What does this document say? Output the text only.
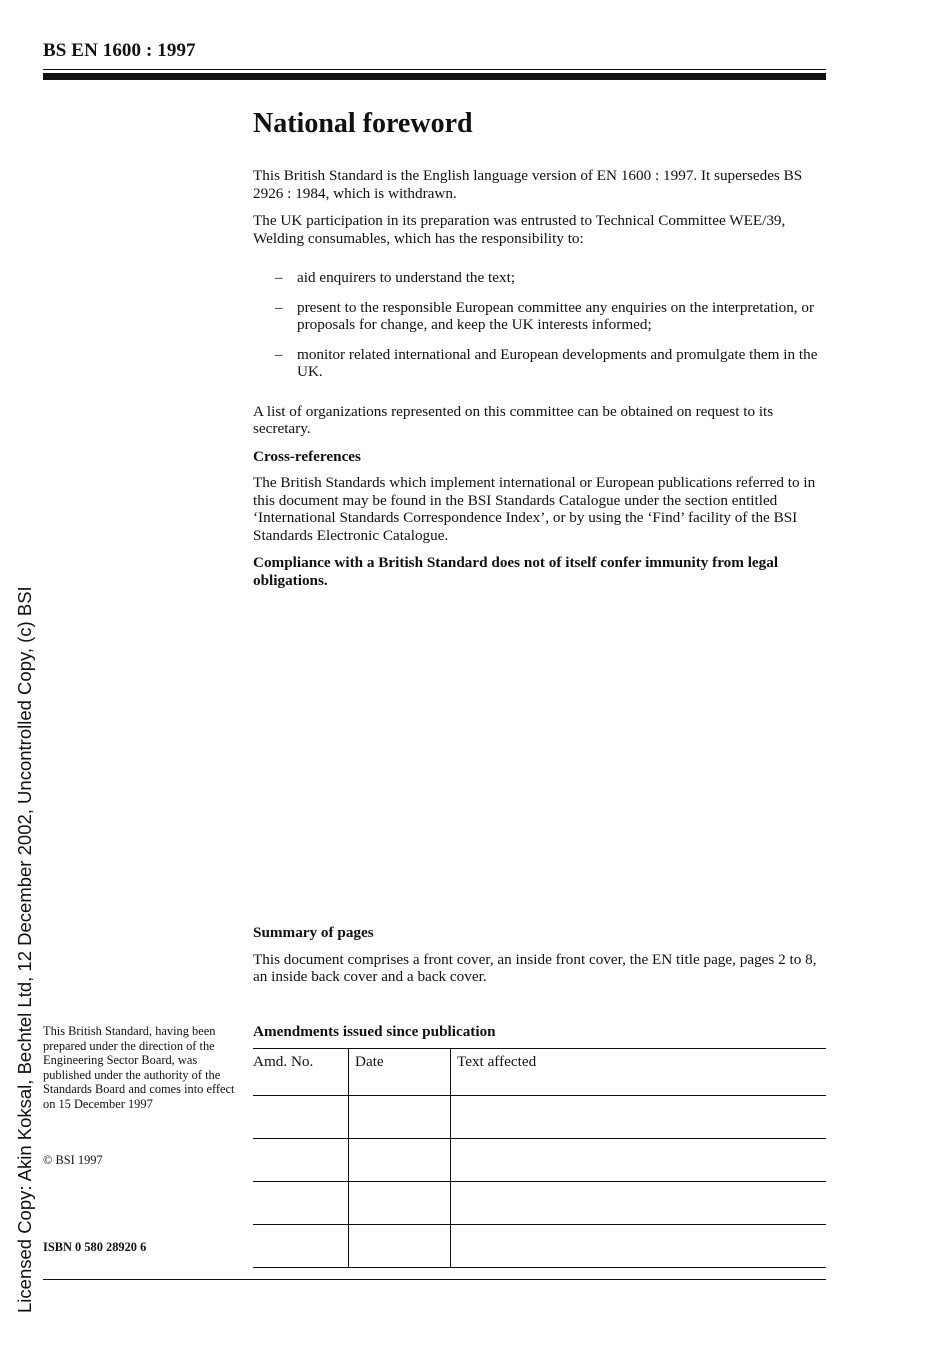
BS EN 1600 : 1997
Licensed Copy: Akin Koksal, Bechtel Ltd, 12 December 2002, Uncontrolled Copy, (c) BSI
National foreword

This British Standard is the English language version of EN 1600 : 1997. It supersedes BS 2926 : 1984, which is withdrawn.

The UK participation in its preparation was entrusted to Technical Committee WEE/39, Welding consumables, which has the responsibility to:

– aid enquirers to understand the text;
– present to the responsible European committee any enquiries on the interpretation, or proposals for change, and keep the UK interests informed;
– monitor related international and European developments and promulgate them in the UK.

A list of organizations represented on this committee can be obtained on request to its secretary.

Cross-references

The British Standards which implement international or European publications referred to in this document may be found in the BSI Standards Catalogue under the section entitled ‘International Standards Correspondence Index’, or by using the ‘Find’ facility of the BSI Standards Electronic Catalogue.

Compliance with a British Standard does not of itself confer immunity from legal obligations.

Summary of pages

This document comprises a front cover, an inside front cover, the EN title page, pages 2 to 8, an inside back cover and a back cover.

Amendments issued since publication
Amd. No.	Date	Text affected

This British Standard, having been prepared under the direction of the Engineering Sector Board, was published under the authority of the Standards Board and comes into effect on 15 December 1997

© BSI 1997
ISBN 0 580 28920 6
